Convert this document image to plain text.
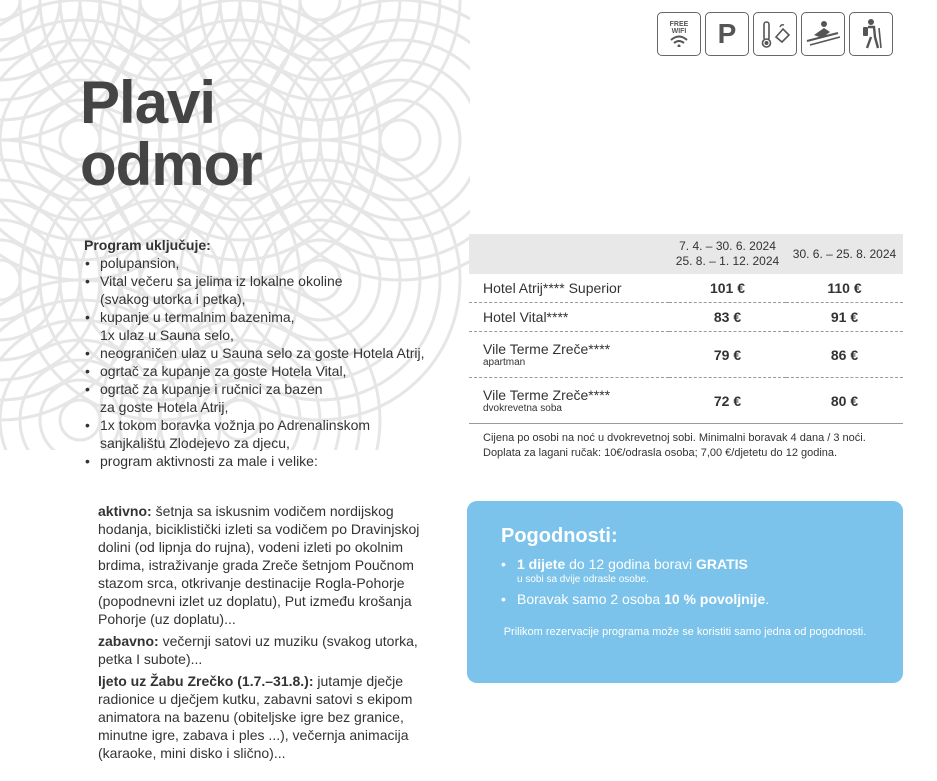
FREE
WIFI P
Plavi
odmor
Program uključuje:
• polupansion,
• Vital večeru sa jelima iz lokalne okoline
(svakog utorka i petka),
• kupanje u termalnim bazenima,
1x ulaz u Sauna selo,
• neograničen ulaz u Sauna selo za goste Hotela Atrij,
• ogrtač za kupanje za goste Hotela Vital,
• ogrtač za kupanje i ručnici za bazen
za goste Hotela Atrij,
• 1x tokom boravka vožnja po Adrenalinskom
sanjkalištu Zlodejevo za djecu,
• program aktivnosti za male i velike:

aktivno: šetnja sa iskusnim vodičem nordijskog hodanja, biciklistički izleti sa vodičem po Dravinjskoj dolini (od lipnja do rujna), vodeni izleti po okolnim brdima, istraživanje grada Zreče šetnjom Poučnom stazom srca, otkrivanje destinacije Rogla-Pohorje (popodnevni izlet uz doplatu), Put između krošanja Pohorje (uz doplatu)...

zabavno: večernji satovi uz muziku (svakog utorka, petka I subote)...

ljeto uz Žabu Zrečko (1.7.–31.8.): jutamje dječje radionice u dječjem kutku, zabavni satovi s ekipom animatora na bazenu (obiteljske igre bez granice, minutne igre, zabava i ples ...), večernja animacija (karaoke, mini disko i slično)...

	7. 4. – 30. 6. 2024
25. 8. – 1. 12. 2024	30. 6. – 25. 8. 2024
Hotel Atrij**** Superior	101 €	110 €
Hotel Vital****	83 €	91 €
Vile Terme Zreče****
apartman	79 €	86 €
Vile Terme Zreče****
dvokrevetna soba	72 €	80 €
Cijena po osobi na noć u dvokrevetnoj sobi. Minimalni boravak 4 dana / 3 noći.
Doplata za lagani ručak: 10€/odrasla osoba; 7,00 €/djetetu do 12 godina.
Pogodnosti:
• 1 dijete do 12 godina boravi GRATIS
u sobi sa dvije odrasle osobe.
• Boravak samo 2 osoba 10 % povoljnije.
Prilikom rezervacije programa može se koristiti samo jedna od pogodnosti.
